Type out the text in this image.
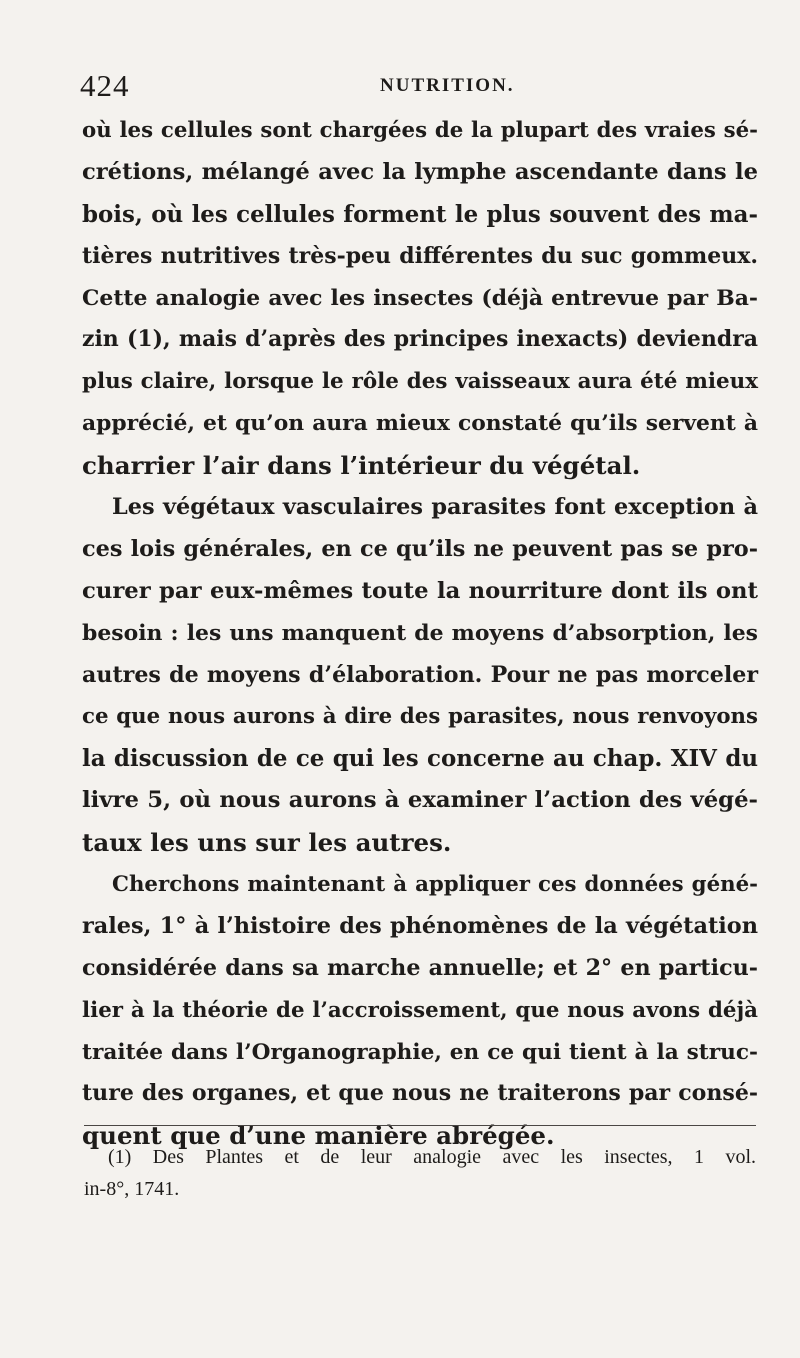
424	NUTRITION.

où les cellules sont chargées de la plupart des vraies sé-
crétions, mélangé avec la lymphe ascendante dans le
bois, où les cellules forment le plus souvent des ma-
tières nutritives très-peu différentes du suc gommeux.
Cette analogie avec les insectes (déjà entrevue par Ba-
zin (1), mais d’après des principes inexacts) deviendra
plus claire, lorsque le rôle des vaisseaux aura été mieux
apprécié, et qu’on aura mieux constaté qu’ils servent à
charrier l’air dans l’intérieur du végétal.

Les végétaux vasculaires parasites font exception à
ces lois générales, en ce qu’ils ne peuvent pas se pro-
curer par eux-mêmes toute la nourriture dont ils ont
besoin : les uns manquent de moyens d’absorption, les
autres de moyens d’élaboration. Pour ne pas morceler
ce que nous aurons à dire des parasites, nous renvoyons
la discussion de ce qui les concerne au chap. XIV du
livre 5, où nous aurons à examiner l’action des végé-
taux les uns sur les autres.

Cherchons maintenant à appliquer ces données géné-
rales, 1° à l’histoire des phénomènes de la végétation
considérée dans sa marche annuelle; et 2° en particu-
lier à la théorie de l’accroissement, que nous avons déjà
traitée dans l’Organographie, en ce qui tient à la struc-
ture des organes, et que nous ne traiterons par consé-
quent que d’une manière abrégée.

(1) Des Plantes et de leur analogie avec les insectes, 1 vol.
in-8°, 1741.
